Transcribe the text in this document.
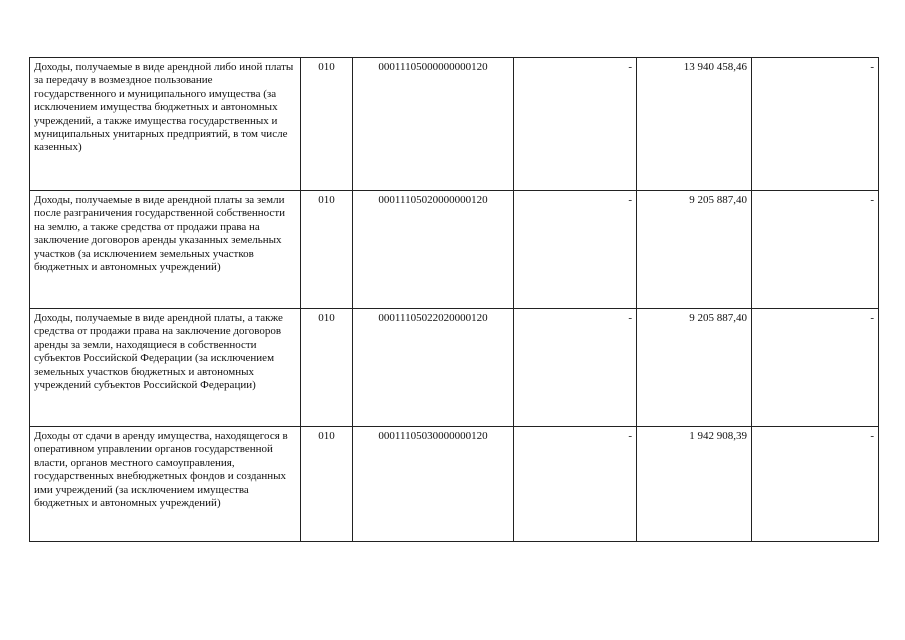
Доходы, получаемые в виде арендной либо иной платы за передачу в возмездное пользование государственного и муниципального имущества (за исключением имущества бюджетных и автономных учреждений, а также имущества государственных и муниципальных унитарных предприятий, в том числе казенных)	010	00011105000000000120	-	13 940 458,46	-
Доходы, получаемые в виде арендной платы за земли после разграничения государственной собственности на землю, а также средства от продажи права на заключение договоров аренды указанных земельных участков (за исключением земельных участков бюджетных и автономных учреждений)	010	00011105020000000120	-	9 205 887,40	-
Доходы, получаемые в виде арендной платы, а также средства от продажи права на заключение договоров аренды за земли, находящиеся в собственности субъектов Российской Федерации (за исключением земельных участков бюджетных и автономных учреждений субъектов Российской Федерации)	010	00011105022020000120	-	9 205 887,40	-
Доходы от сдачи в аренду имущества, находящегося в оперативном управлении органов государственной власти, органов местного самоуправления, государственных внебюджетных фондов и созданных ими учреждений (за исключением имущества бюджетных и автономных учреждений)	010	00011105030000000120	-	1 942 908,39	-
